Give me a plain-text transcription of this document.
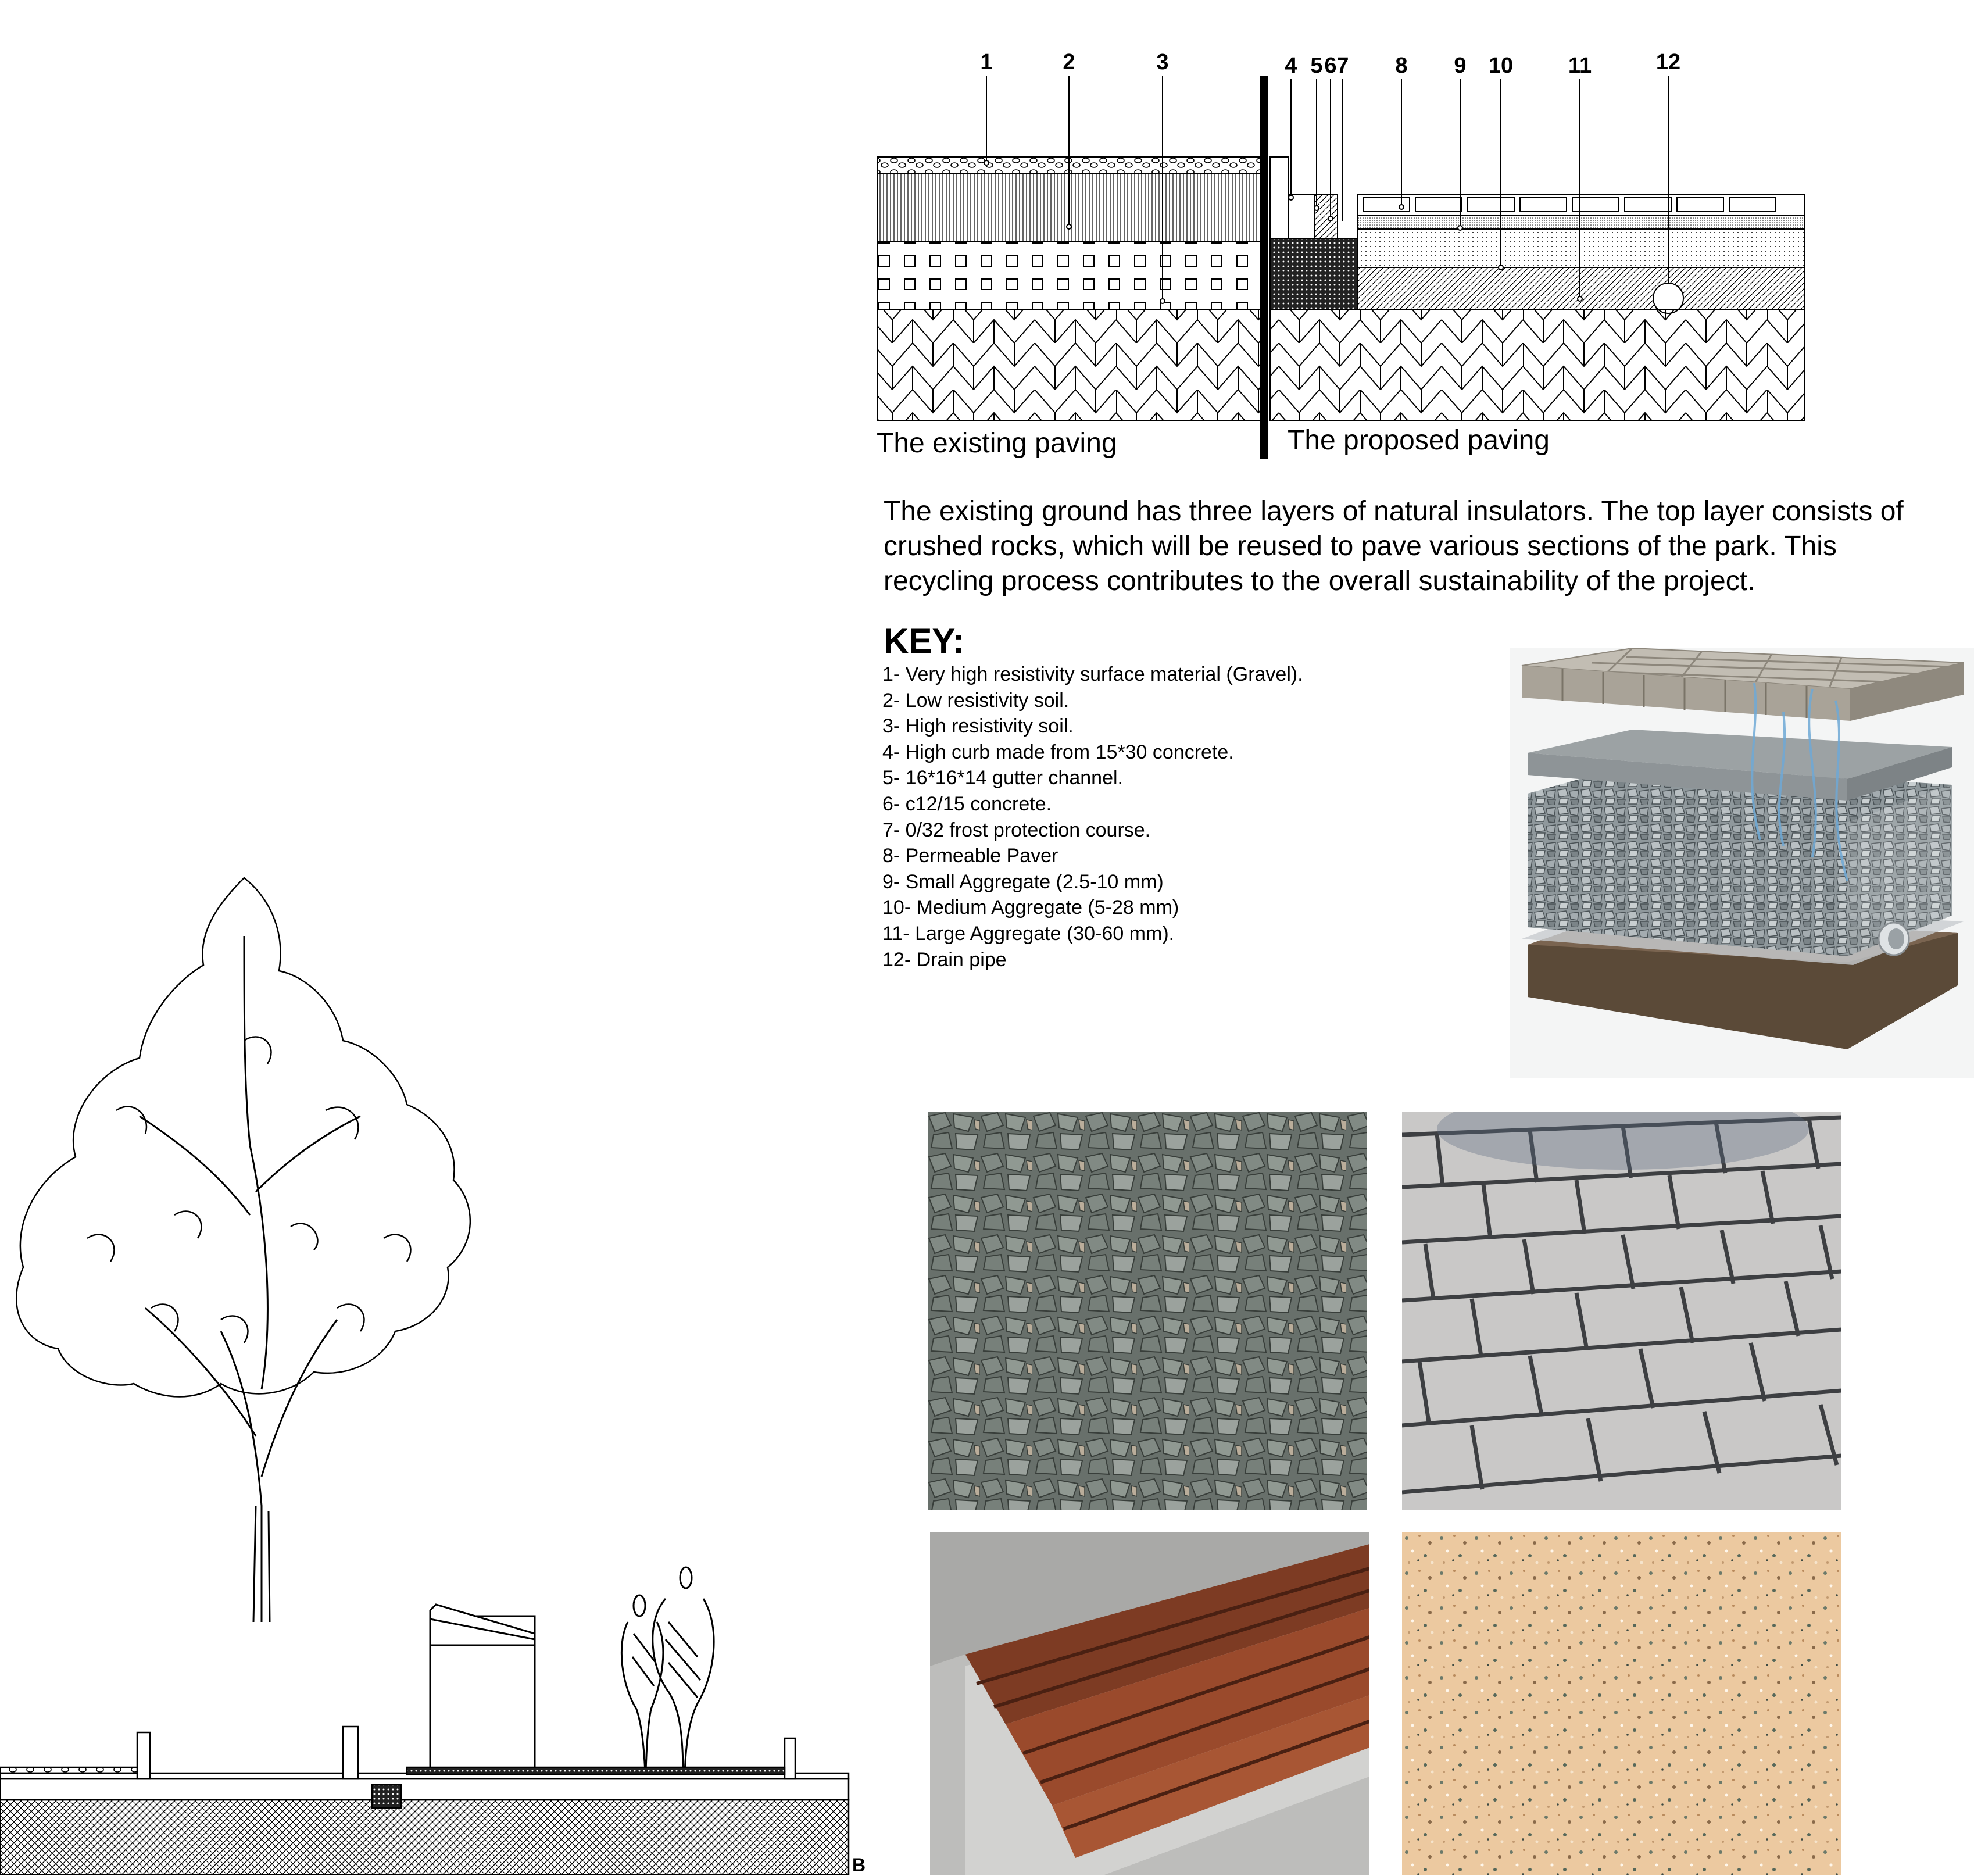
1	2	3	4 5 6 7	8	9	10 11	12
The existing paving	The proposed paving
The existing ground has three layers of natural insulators. The top layer consists of crushed rocks, which will be reused to pave various sections of the park. This recycling process contributes to the overall sustainability of the project.
KEY:
1- Very high resistivity surface material (Gravel).
2- Low resistivity soil.
3- High resistivity soil.
4- High curb made from 15*30 concrete.
5- 16*16*14 gutter channel.
6- c12/15 concrete.
7- 0/32 frost protection course.
8- Permeable Paver
9- Small Aggregate (2.5-10 mm)
10- Medium Aggregate (5-28 mm)
11- Large Aggregate (30-60 mm).
12- Drain pipe
B
